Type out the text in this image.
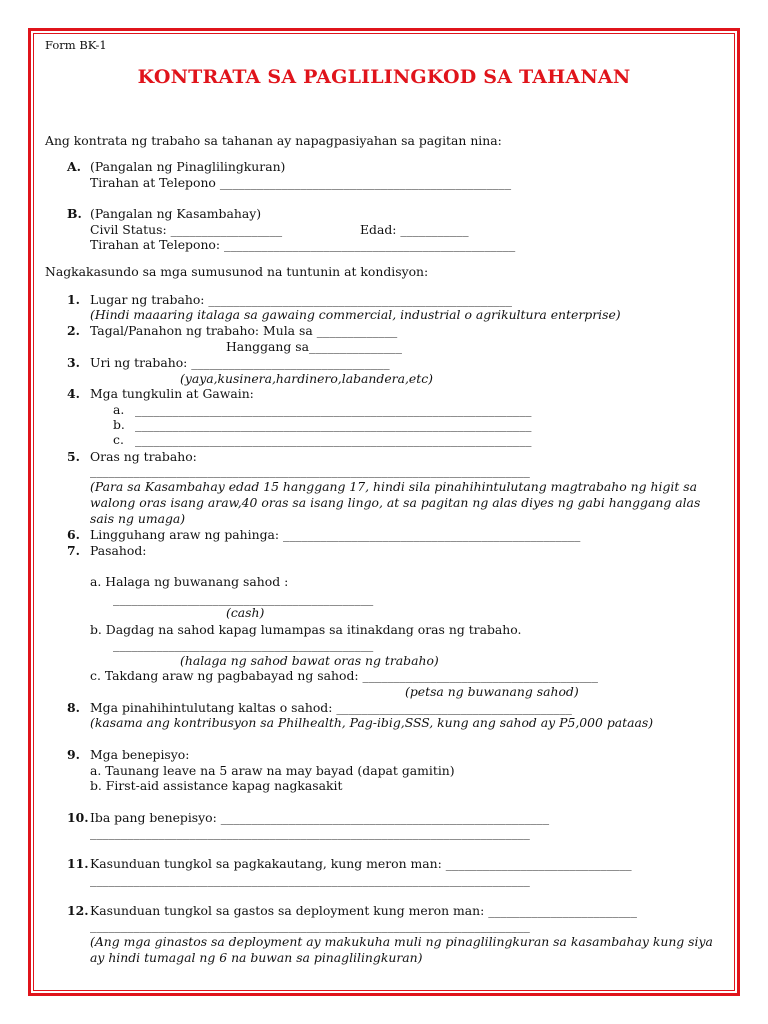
Form BK-1
KONTRATA SA PAGLILINGKOD SA TAHANAN
Ang kontrata ng trabaho sa tahanan ay napagpasiyahan sa pagitan nina:
A. (Pangalan ng Pinaglilingkuran)
Tirahan at Telepono _______________________________________________
B. (Pangalan ng Kasambahay)
Civil Status: __________________	Edad: ___________
Tirahan at Telepono: _______________________________________________
Nagkakasundo sa mga sumusunod na tuntunin at kondisyon:
1. Lugar ng trabaho: _________________________________________________
(Hindi maaaring italaga sa gawaing commercial, industrial o agrikultura enterprise)
2. Tagal/Panahon ng trabaho: Mula sa _____________
Hanggang sa_______________
3. Uri ng trabaho: ________________________________
(yaya,kusinera,hardinero,labandera,etc)
4. Mga tungkulin at Gawain:
a. ________________________________________________________________
b. ________________________________________________________________
c. ________________________________________________________________
5. Oras ng trabaho:
_______________________________________________________________________
(Para sa Kasambahay edad 15 hanggang 17, hindi sila pinahihintulutang magtrabaho ng higit sa
walong oras isang araw,40 oras sa isang lingo, at sa pagitan ng alas diyes ng gabi hanggang alas
sais ng umaga)
6. Lingguhang araw ng pahinga: ________________________________________________
7. Pasahod:
a. Halaga ng buwanang sahod :
__________________________________________
(cash)
b. Dagdag na sahod kapag lumampas sa itinakdang oras ng trabaho.
__________________________________________
(halaga ng sahod bawat oras ng trabaho)
c. Takdang araw ng pagbabayad ng sahod: ______________________________________
(petsa ng buwanang sahod)
8. Mga pinahihintulutang kaltas o sahod: ______________________________________
(kasama ang kontribusyon sa Philhealth, Pag-ibig,SSS, kung ang sahod ay P5,000 pataas)
9. Mga benepisyo:
a. Taunang leave na 5 araw na may bayad (dapat gamitin)
b. First-aid assistance kapag nagkasakit
10. Iba pang benepisyo: _____________________________________________________
_______________________________________________________________________
11. Kasunduan tungkol sa pagkakautang, kung meron man: ______________________________
_______________________________________________________________________
12. Kasunduan tungkol sa gastos sa deployment kung meron man: ________________________
_______________________________________________________________________
(Ang mga ginastos sa deployment ay makukuha muli ng pinaglilingkuran sa kasambahay kung siya
ay hindi tumagal ng 6 na buwan sa pinaglilingkuran)
